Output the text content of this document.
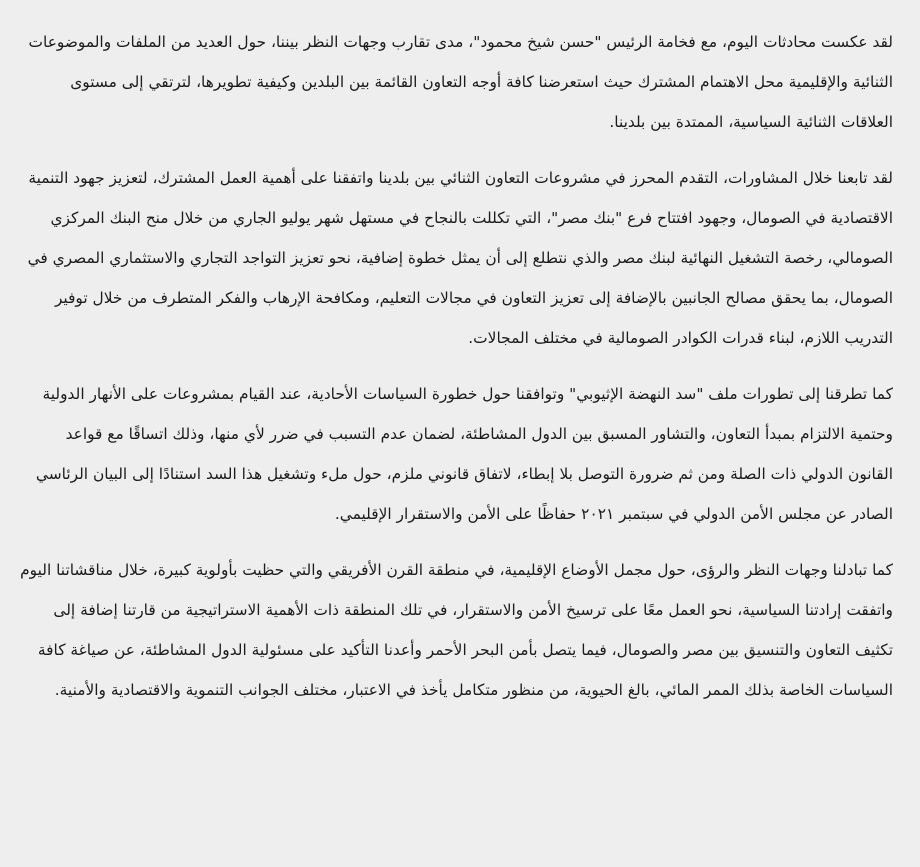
لقد عكست محادثات اليوم، مع فخامة الرئيس "حسن شيخ محمود"، مدى تقارب وجهات النظر بيننا، حول العديد من الملفات والموضوعات الثنائية والإقليمية محل الاهتمام المشترك حيث استعرضنا كافة أوجه التعاون القائمة بين البلدين وكيفية تطويرها، لترتقي إلى مستوى العلاقات الثنائية السياسية، الممتدة بين بلدينا.

لقد تابعنا خلال المشاورات، التقدم المحرز في مشروعات التعاون الثنائي بين بلدينا واتفقنا على أهمية العمل المشترك، لتعزيز جهود التنمية الاقتصادية في الصومال، وجهود افتتاح فرع "بنك مصر"، التي تكللت بالنجاح في مستهل شهر يوليو الجاري من خلال منح البنك المركزي الصومالي، رخصة التشغيل النهائية لبنك مصر والذي نتطلع إلى أن يمثل خطوة إضافية، نحو تعزيز التواجد التجاري والاستثماري المصري في الصومال، بما يحقق مصالح الجانبين بالإضافة إلى تعزيز التعاون في مجالات التعليم، ومكافحة الإرهاب والفكر المتطرف من خلال توفير التدريب اللازم، لبناء قدرات الكوادر الصومالية في مختلف المجالات.

كما تطرقنا إلى تطورات ملف "سد النهضة الإثيوبي" وتوافقنا حول خطورة السياسات الأحادية، عند القيام بمشروعات على الأنهار الدولية وحتمية الالتزام بمبدأ التعاون، والتشاور المسبق بين الدول المشاطئة، لضمان عدم التسبب في ضرر لأي منها، وذلك اتساقًا مع قواعد القانون الدولي ذات الصلة ومن ثم ضرورة التوصل بلا إبطاء، لاتفاق قانوني ملزم، حول ملء وتشغيل هذا السد استنادًا إلى البيان الرئاسي الصادر عن مجلس الأمن الدولي في سبتمبر ٢٠٢١ حفاظًا على الأمن والاستقرار الإقليمي.

كما تبادلنا وجهات النظر والرؤى، حول مجمل الأوضاع الإقليمية، في منطقة القرن الأفريقي والتي حظيت بأولوية كبيرة، خلال مناقشاتنا اليوم واتفقت إرادتنا السياسية، نحو العمل معًا على ترسيخ الأمن والاستقرار، في تلك المنطقة ذات الأهمية الاستراتيجية من قارتنا إضافة إلى تكثيف التعاون والتنسيق بين مصر والصومال، فيما يتصل بأمن البحر الأحمر وأعدنا التأكيد على مسئولية الدول المشاطئة، عن صياغة كافة السياسات الخاصة بذلك الممر المائي، بالغ الحيوية، من منظور متكامل يأخذ في الاعتبار، مختلف الجوانب التنموية والاقتصادية والأمنية.
